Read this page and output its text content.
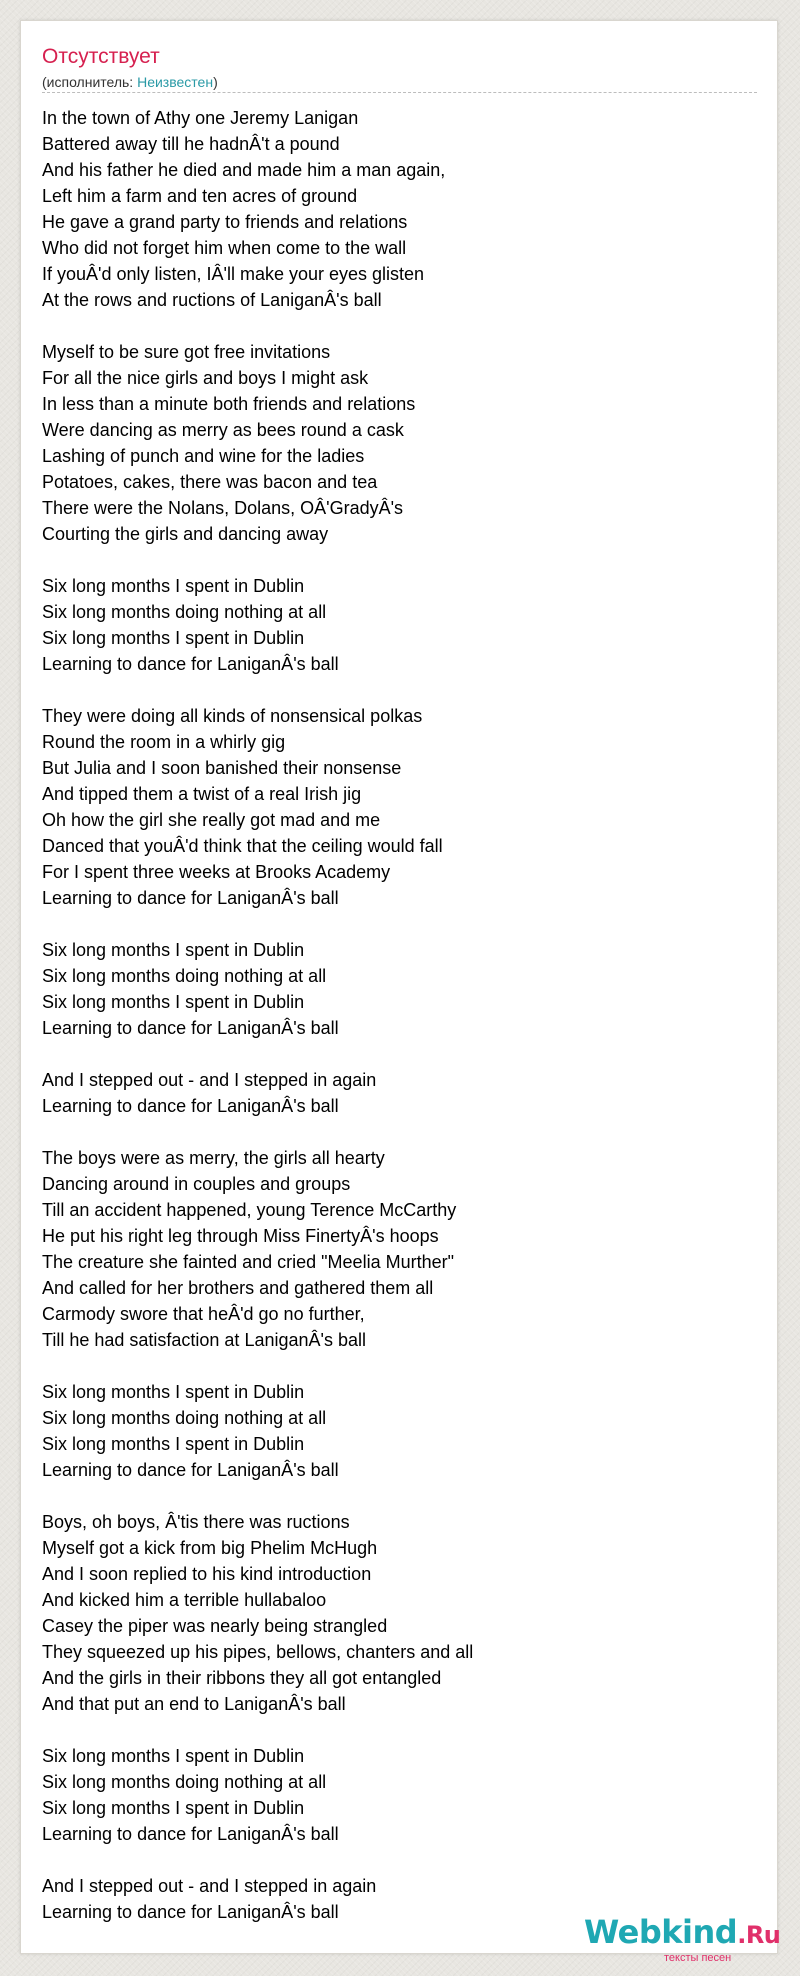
Отсутствует
(исполнитель: Неизвестен)
In the town of Athy one Jeremy Lanigan
Battered away till he hadnÂ't a pound
And his father he died and made him a man again,
Left him a farm and ten acres of ground
He gave a grand party to friends and relations
Who did not forget him when come to the wall
If youÂ'd only listen, IÂ'll make your eyes glisten
At the rows and ructions of LaniganÂ's ball
Myself to be sure got free invitations
For all the nice girls and boys I might ask
In less than a minute both friends and relations
Were dancing as merry as bees round a cask
Lashing of punch and wine for the ladies
Potatoes, cakes, there was bacon and tea
There were the Nolans, Dolans, OÂ'GradyÂ's
Courting the girls and dancing away
Six long months I spent in Dublin
Six long months doing nothing at all
Six long months I spent in Dublin
Learning to dance for LaniganÂ's ball
They were doing all kinds of nonsensical polkas
Round the room in a whirly gig
But Julia and I soon banished their nonsense
And tipped them a twist of a real Irish jig
Oh how the girl she really got mad and me
Danced that youÂ'd think that the ceiling would fall
For I spent three weeks at Brooks Academy
Learning to dance for LaniganÂ's ball
Six long months I spent in Dublin
Six long months doing nothing at all
Six long months I spent in Dublin
Learning to dance for LaniganÂ's ball
And I stepped out - and I stepped in again
Learning to dance for LaniganÂ's ball
The boys were as merry, the girls all hearty
Dancing around in couples and groups
Till an accident happened, young Terence McCarthy
He put his right leg through Miss FinertyÂ's hoops
The creature she fainted and cried "Meelia Murther"
And called for her brothers and gathered them all
Carmody swore that heÂ'd go no further,
Till he had satisfaction at LaniganÂ's ball
Six long months I spent in Dublin
Six long months doing nothing at all
Six long months I spent in Dublin
Learning to dance for LaniganÂ's ball
Boys, oh boys, Â'tis there was ructions
Myself got a kick from big Phelim McHugh
And I soon replied to his kind introduction
And kicked him a terrible hullabaloo
Casey the piper was nearly being strangled
They squeezed up his pipes, bellows, chanters and all
And the girls in their ribbons they all got entangled
And that put an end to LaniganÂ's ball
Six long months I spent in Dublin
Six long months doing nothing at all
Six long months I spent in Dublin
Learning to dance for LaniganÂ's ball
And I stepped out - and I stepped in again
Learning to dance for LaniganÂ's ball
Webkind.Ru
тексты песен
